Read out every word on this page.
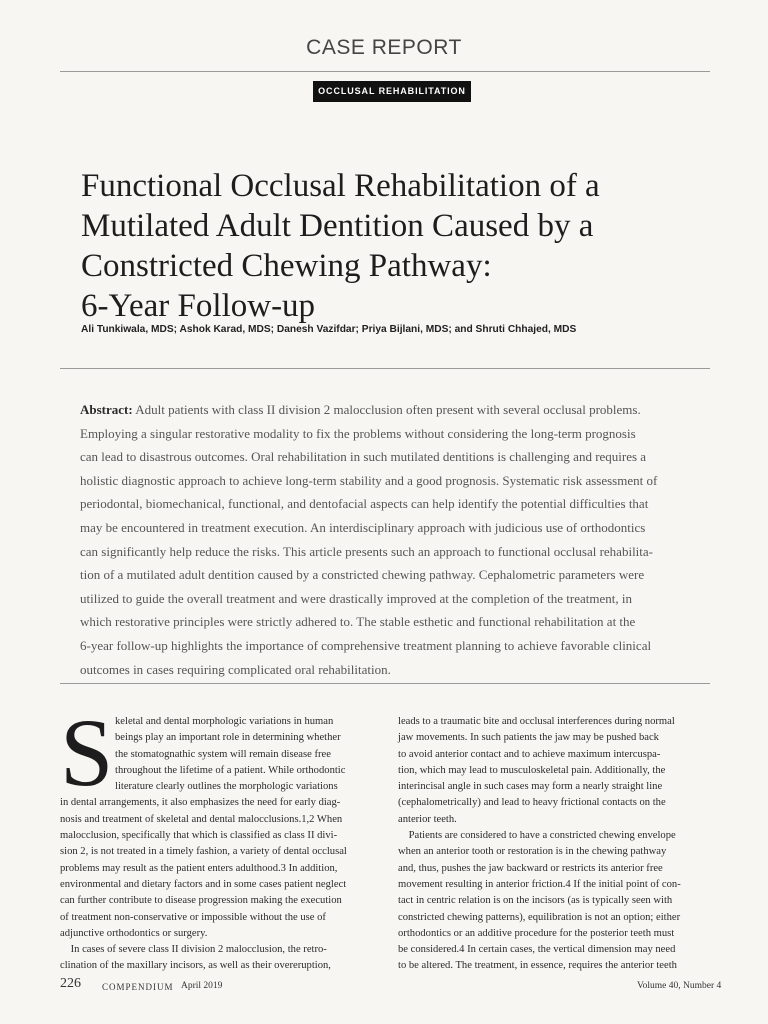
CASE REPORT
OCCLUSAL REHABILITATION
Functional Occlusal Rehabilitation of a
Mutilated Adult Dentition Caused by a
Constricted Chewing Pathway:
6-Year Follow-up
Ali Tunkiwala, MDS; Ashok Karad, MDS; Danesh Vazifdar; Priya Bijlani, MDS; and Shruti Chhajed, MDS
Abstract: Adult patients with class II division 2 malocclusion often present with several occlusal problems.
Employing a singular restorative modality to fix the problems without considering the long-term prognosis
can lead to disastrous outcomes. Oral rehabilitation in such mutilated dentitions is challenging and requires a
holistic diagnostic approach to achieve long-term stability and a good prognosis. Systematic risk assessment of
periodontal, biomechanical, functional, and dentofacial aspects can help identify the potential difficulties that
may be encountered in treatment execution. An interdisciplinary approach with judicious use of orthodontics
can significantly help reduce the risks. This article presents such an approach to functional occlusal rehabilita-
tion of a mutilated adult dentition caused by a constricted chewing pathway. Cephalometric parameters were
utilized to guide the overall treatment and were drastically improved at the completion of the treatment, in
which restorative principles were strictly adhered to. The stable esthetic and functional rehabilitation at the
6-year follow-up highlights the importance of comprehensive treatment planning to achieve favorable clinical
outcomes in cases requiring complicated oral rehabilitation.
S keletal and dental morphologic variations in human
beings play an important role in determining whether
the stomatognathic system will remain disease free
throughout the lifetime of a patient. While orthodontic
literature clearly outlines the morphologic variations
in dental arrangements, it also emphasizes the need for early diag-
nosis and treatment of skeletal and dental malocclusions.1,2 When
malocclusion, specifically that which is classified as class II divi-
sion 2, is not treated in a timely fashion, a variety of dental occlusal
problems may result as the patient enters adulthood.3 In addition,
environmental and dietary factors and in some cases patient neglect
can further contribute to disease progression making the execution
of treatment non-conservative or impossible without the use of
adjunctive orthodontics or surgery.
In cases of severe class II division 2 malocclusion, the retro-
clination of the maxillary incisors, as well as their overeruption,
leads to a traumatic bite and occlusal interferences during normal
jaw movements. In such patients the jaw may be pushed back
to avoid anterior contact and to achieve maximum intercuspa-
tion, which may lead to musculoskeletal pain. Additionally, the
interincisal angle in such cases may form a nearly straight line
(cephalometrically) and lead to heavy frictional contacts on the
anterior teeth.
Patients are considered to have a constricted chewing envelope
when an anterior tooth or restoration is in the chewing pathway
and, thus, pushes the jaw backward or restricts its anterior free
movement resulting in anterior friction.4 If the initial point of con-
tact in centric relation is on the incisors (as is typically seen with
constricted chewing patterns), equilibration is not an option; either
orthodontics or an additive procedure for the posterior teeth must
be considered.4 In certain cases, the vertical dimension may need
to be altered. The treatment, in essence, requires the anterior teeth
226 COMPENDIUM April 2019	Volume 40, Number 4
